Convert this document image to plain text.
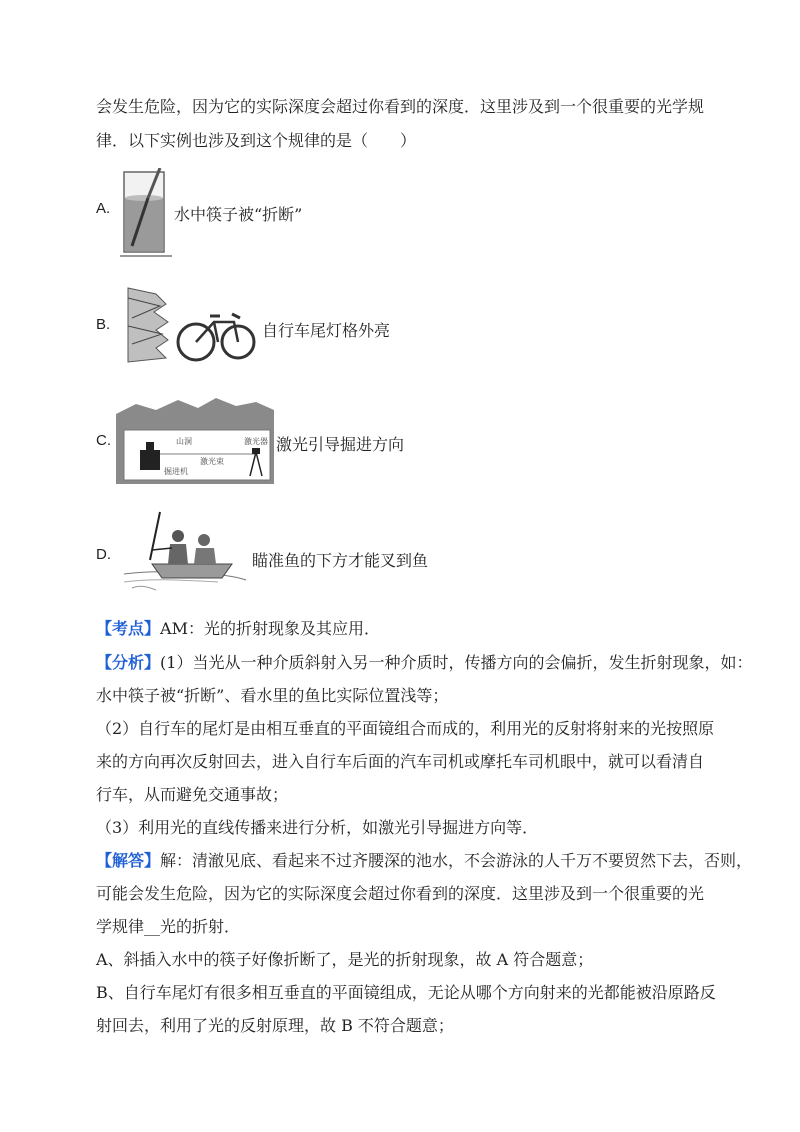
会发生危险，因为它的实际深度会超过你看到的深度．这里涉及到一个很重要的光学规
律．以下实例也涉及到这个规律的是（　　）
A.	水中筷子被“折断”
B.	自行车尾灯格外亮
C.	山洞	激光器
激光束
掘进机
激光引导掘进方向
D.	瞄准鱼的下方才能叉到鱼
【考点】AM：光的折射现象及其应用．
【分析】(1）当光从一种介质斜射入另一种介质时，传播方向的会偏折，发生折射现象，如：
水中筷子被“折断”、看水里的鱼比实际位置浅等；
（2）自行车的尾灯是由相互垂直的平面镜组合而成的，利用光的反射将射来的光按照原
来的方向再次反射回去，进入自行车后面的汽车司机或摩托车司机眼中，就可以看清自
行车，从而避免交通事故；
（3）利用光的直线传播来进行分析，如激光引导掘进方向等．
【解答】解：清澈见底、看起来不过齐腰深的池水，不会游泳的人千万不要贸然下去，否则，
可能会发生危险，因为它的实际深度会超过你看到的深度．这里涉及到一个很重要的光
学规律__光的折射．
A、斜插入水中的筷子好像折断了，是光的折射现象，故 A 符合题意；
B、自行车尾灯有很多相互垂直的平面镜组成，无论从哪个方向射来的光都能被沿原路反
射回去，利用了光的反射原理，故 B 不符合题意；
